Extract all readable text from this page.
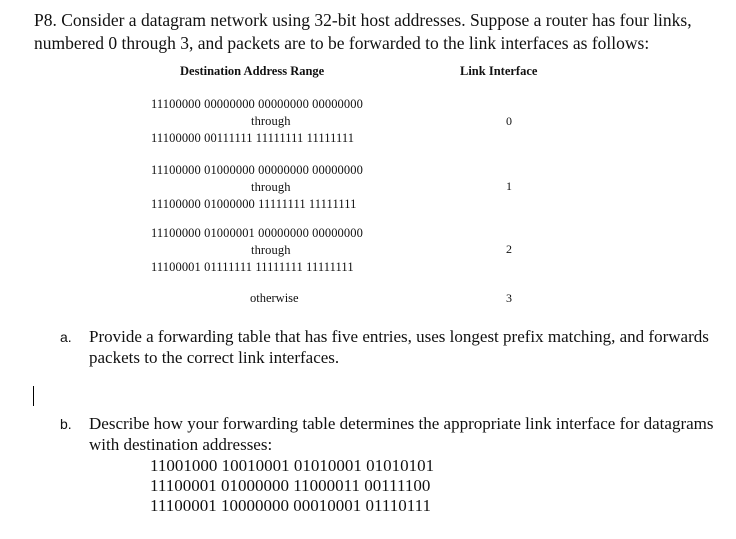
P8. Consider a datagram network using 32-bit host addresses. Suppose a router has four links, numbered 0 through 3, and packets are to be forwarded to the link interfaces as follows:

Destination Address Range	Link Interface
11100000 00000000 00000000 00000000
through
11100000 00111111 11111111 11111111
0
11100000 01000000 00000000 00000000
through
11100000 01000000 11111111 11111111
1
11100000 01000001 00000000 00000000
through
11100001 01111111 11111111 11111111
2
otherwise	3
a. Provide a forwarding table that has five entries, uses longest prefix matching, and forwards packets to the correct link interfaces.
b. Describe how your forwarding table determines the appropriate link interface for datagrams with destination addresses:
11001000 10010001 01010001 01010101
11100001 01000000 11000011 00111100
11100001 10000000 00010001 01110111
